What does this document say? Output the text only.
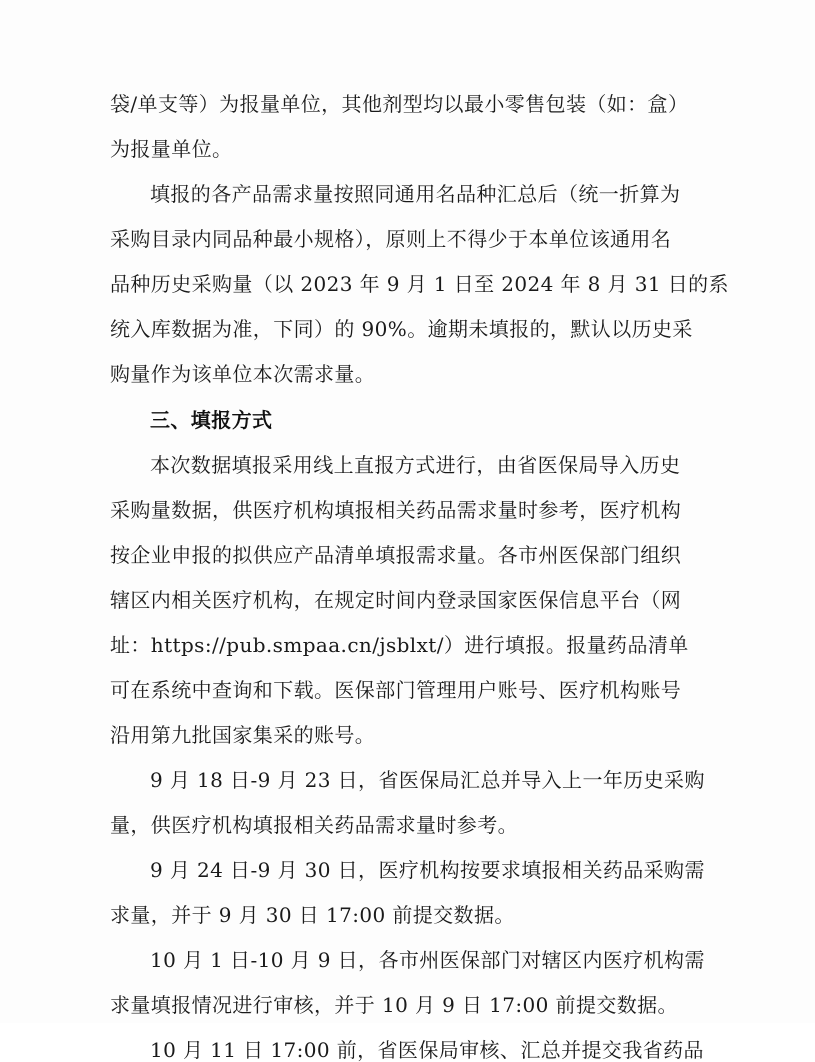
袋/单支等）为报量单位，其他剂型均以最小零售包装（如：盒）
为报量单位。
填报的各产品需求量按照同通用名品种汇总后（统一折算为
采购目录内同品种最小规格），原则上不得少于本单位该通用名
品种历史采购量（以 2023 年 9 月 1 日至 2024 年 8 月 31 日的系
统入库数据为准，下同）的 90%。逾期未填报的，默认以历史采
购量作为该单位本次需求量。
三、填报方式
本次数据填报采用线上直报方式进行，由省医保局导入历史
采购量数据，供医疗机构填报相关药品需求量时参考，医疗机构
按企业申报的拟供应产品清单填报需求量。各市州医保部门组织
辖区内相关医疗机构，在规定时间内登录国家医保信息平台（网
址：https://pub.smpaa.cn/jsblxt/）进行填报。报量药品清单
可在系统中查询和下载。医保部门管理用户账号、医疗机构账号
沿用第九批国家集采的账号。
9 月 18 日-9 月 23 日，省医保局汇总并导入上一年历史采购
量，供医疗机构填报相关药品需求量时参考。
9 月 24 日-9 月 30 日，医疗机构按要求填报相关药品采购需
求量，并于 9 月 30 日 17:00 前提交数据。
10 月 1 日-10 月 9 日，各市州医保部门对辖区内医疗机构需
求量填报情况进行审核，并于 10 月 9 日 17:00 前提交数据。
10 月 11 日 17:00 前，省医保局审核、汇总并提交我省药品
